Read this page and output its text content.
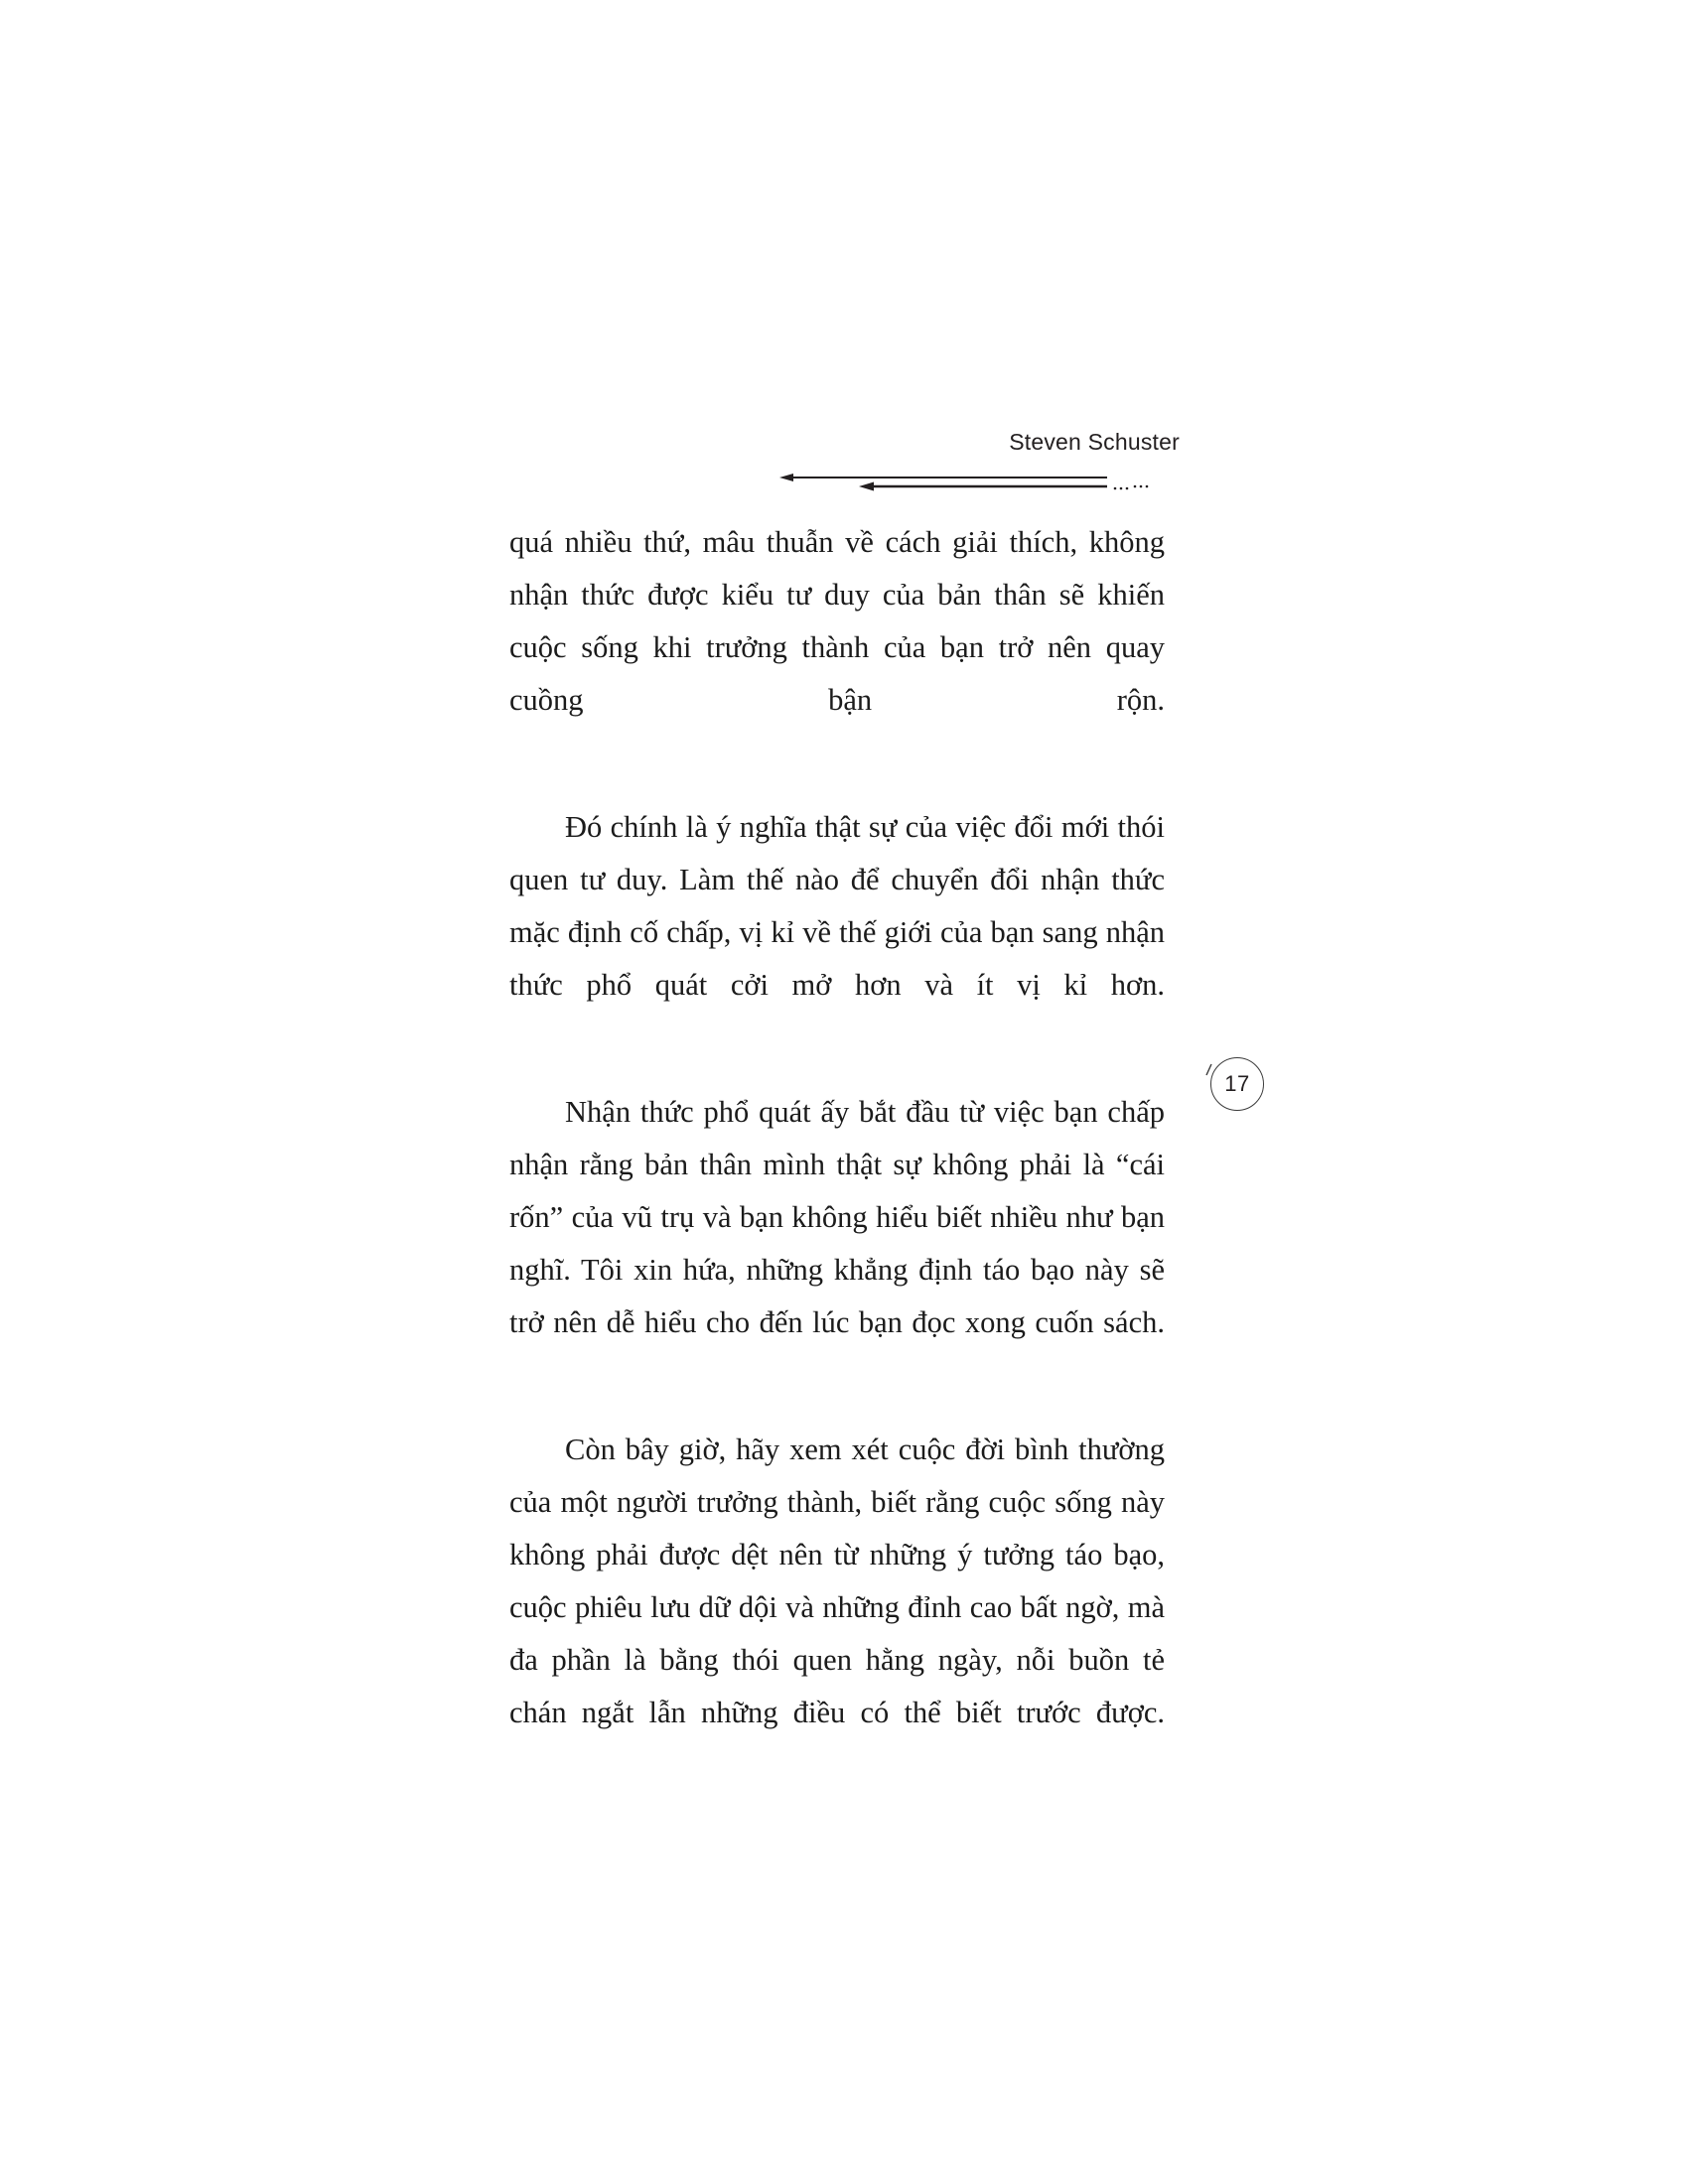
Steven Schuster

quá nhiều thứ, mâu thuẫn về cách giải thích, không nhận thức được kiểu tư duy của bản thân sẽ khiến cuộc sống khi trưởng thành của bạn trở nên quay cuồng bận rộn.

Đó chính là ý nghĩa thật sự của việc đổi mới thói quen tư duy. Làm thế nào để chuyển đổi nhận thức mặc định cố chấp, vị kỉ về thế giới của bạn sang nhận thức phổ quát cởi mở hơn và ít vị kỉ hơn.

Nhận thức phổ quát ấy bắt đầu từ việc bạn chấp nhận rằng bản thân mình thật sự không phải là “cái rốn” của vũ trụ và bạn không hiểu biết nhiều như bạn nghĩ. Tôi xin hứa, những khẳng định táo bạo này sẽ trở nên dễ hiểu cho đến lúc bạn đọc xong cuốn sách.

Còn bây giờ, hãy xem xét cuộc đời bình thường của một người trưởng thành, biết rằng cuộc sống này không phải được dệt nên từ những ý tưởng táo bạo, cuộc phiêu lưu dữ dội và những đỉnh cao bất ngờ, mà đa phần là bằng thói quen hằng ngày, nỗi buồn tẻ chán ngắt lẫn những điều có thể biết trước được.

17
